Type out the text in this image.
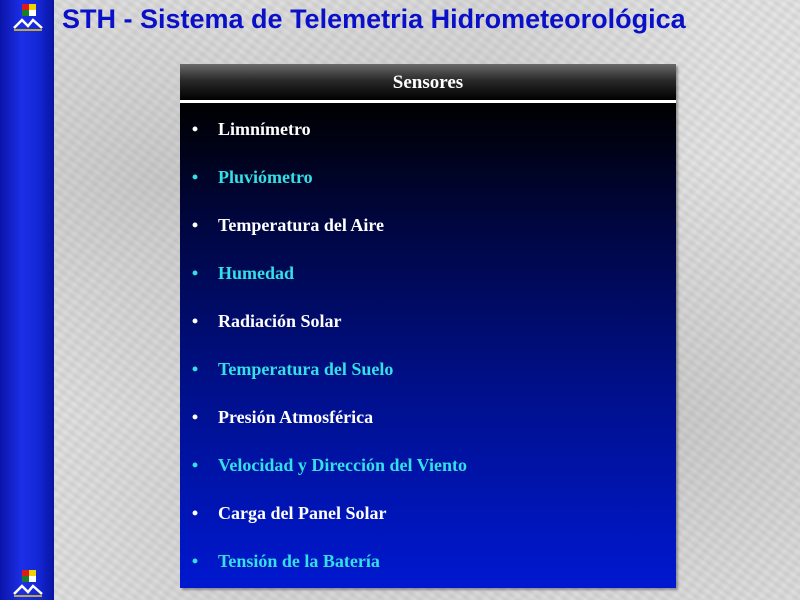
STH - Sistema de Telemetria Hidrometeorológica
Sensores
• Limnímetro
• Pluviómetro
• Temperatura del Aire
• Humedad
• Radiación Solar
• Temperatura del Suelo
• Presión Atmosférica
• Velocidad y Dirección del Viento
• Carga del Panel Solar
• Tensión de la Batería
